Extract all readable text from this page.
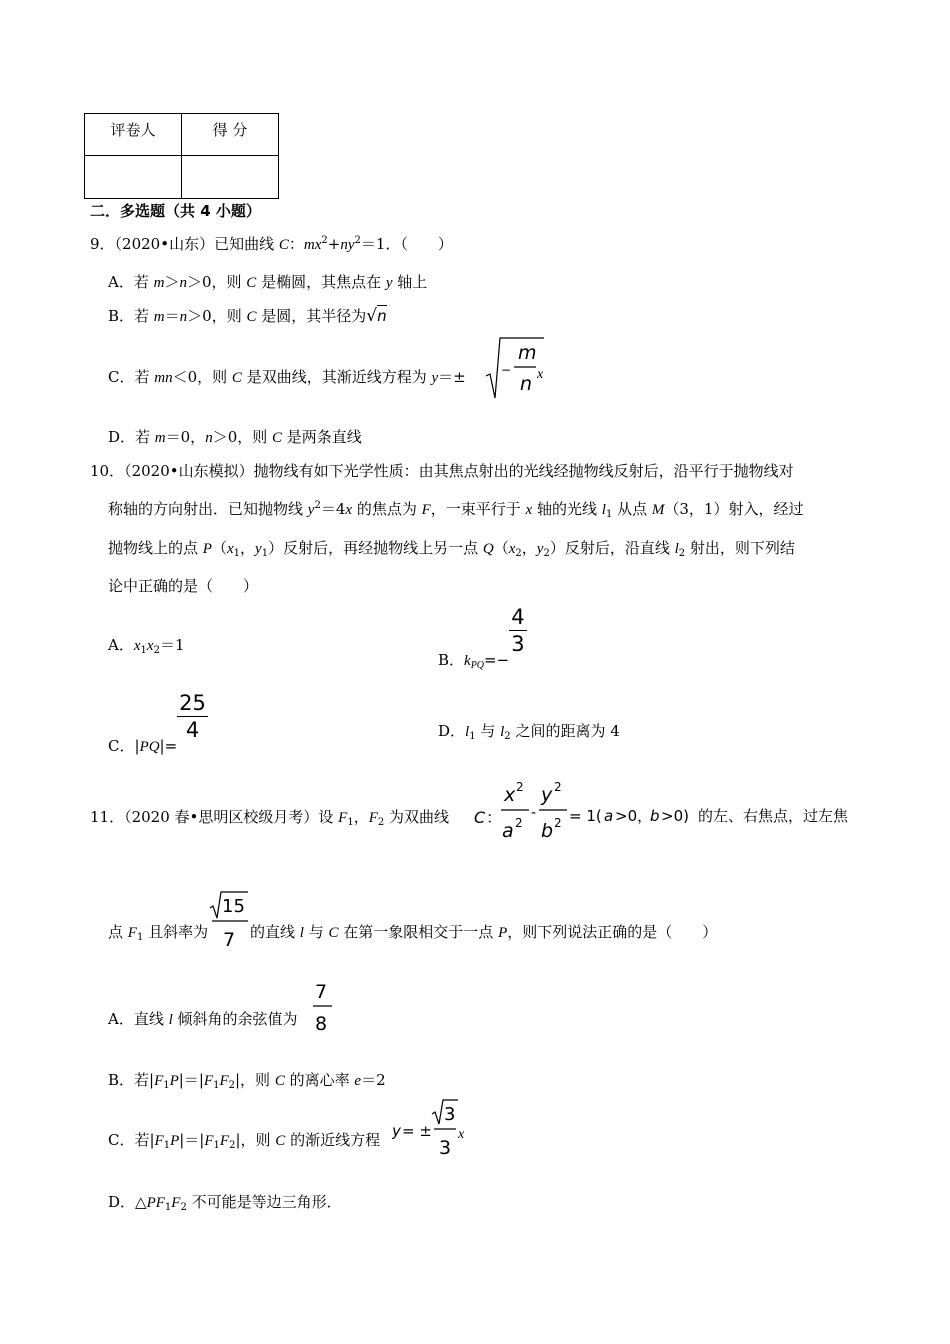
评卷人	得 分

二．多选题（共 4 小题）
9．（2020•山东）已知曲线 C：$mx^2+ny^2=1$．（　　）
A．若 m＞n＞0，则 C 是椭圆，其焦点在 y 轴上
B．若 m＝n＞0，则 C 是圆，其半径为√n
C．若 mn＜0，则 C 是双曲线，其渐近线方程为 y＝±	−
m
n x
D．若 m＝0，n＞0，则 C 是两条直线
10．（2020•山东模拟）抛物线有如下光学性质：由其焦点射出的光线经抛物线反射后，沿平行于抛物线对
称轴的方向射出．已知抛物线 $y^2=4x$ 的焦点为 F，一束平行于 x 轴的光线 $l_1$ 从点 M（3，1）射入，经过
抛物线上的点 $P(x_1$，$y_1$）反射后，再经抛物线上另一点 $Q(x_2$，$y_2$）反射后，沿直线 $l_2$ 射出，则下列结
论中正确的是（　　）
A．$x_1x_2=1$
B．$k_{PQ}=-$
$\frac{4}{3}$
C．|PQ|=
$\frac{25}{4}$	D．$l_1$ 与 $l_2$ 之间的距离为 4
11．（2020 春•思明区校级月考）设 $F_1$，$F_2$ 为双曲线 C ：
x 2
a 2
-
y 2
b 2 = 1( a >0，
b >0) 的左、右焦点，过左焦
点 $F_1$ 且斜率为
15
7 的直线 l 与 C 在第一象限相交于一点 P，则下列说法正确的是（　　）
A．直线 l 倾斜角的余弦值为
7
8
B．若$|F_1P|=|F_1F_2|$，则 C 的离心率 e＝2
C．若$|F_1P|=|F_1F_2|$，则 C 的渐近线方程 y = ±
3
3
x
D．$\triangle PF_1F_2$ 不可能是等边三角形．
